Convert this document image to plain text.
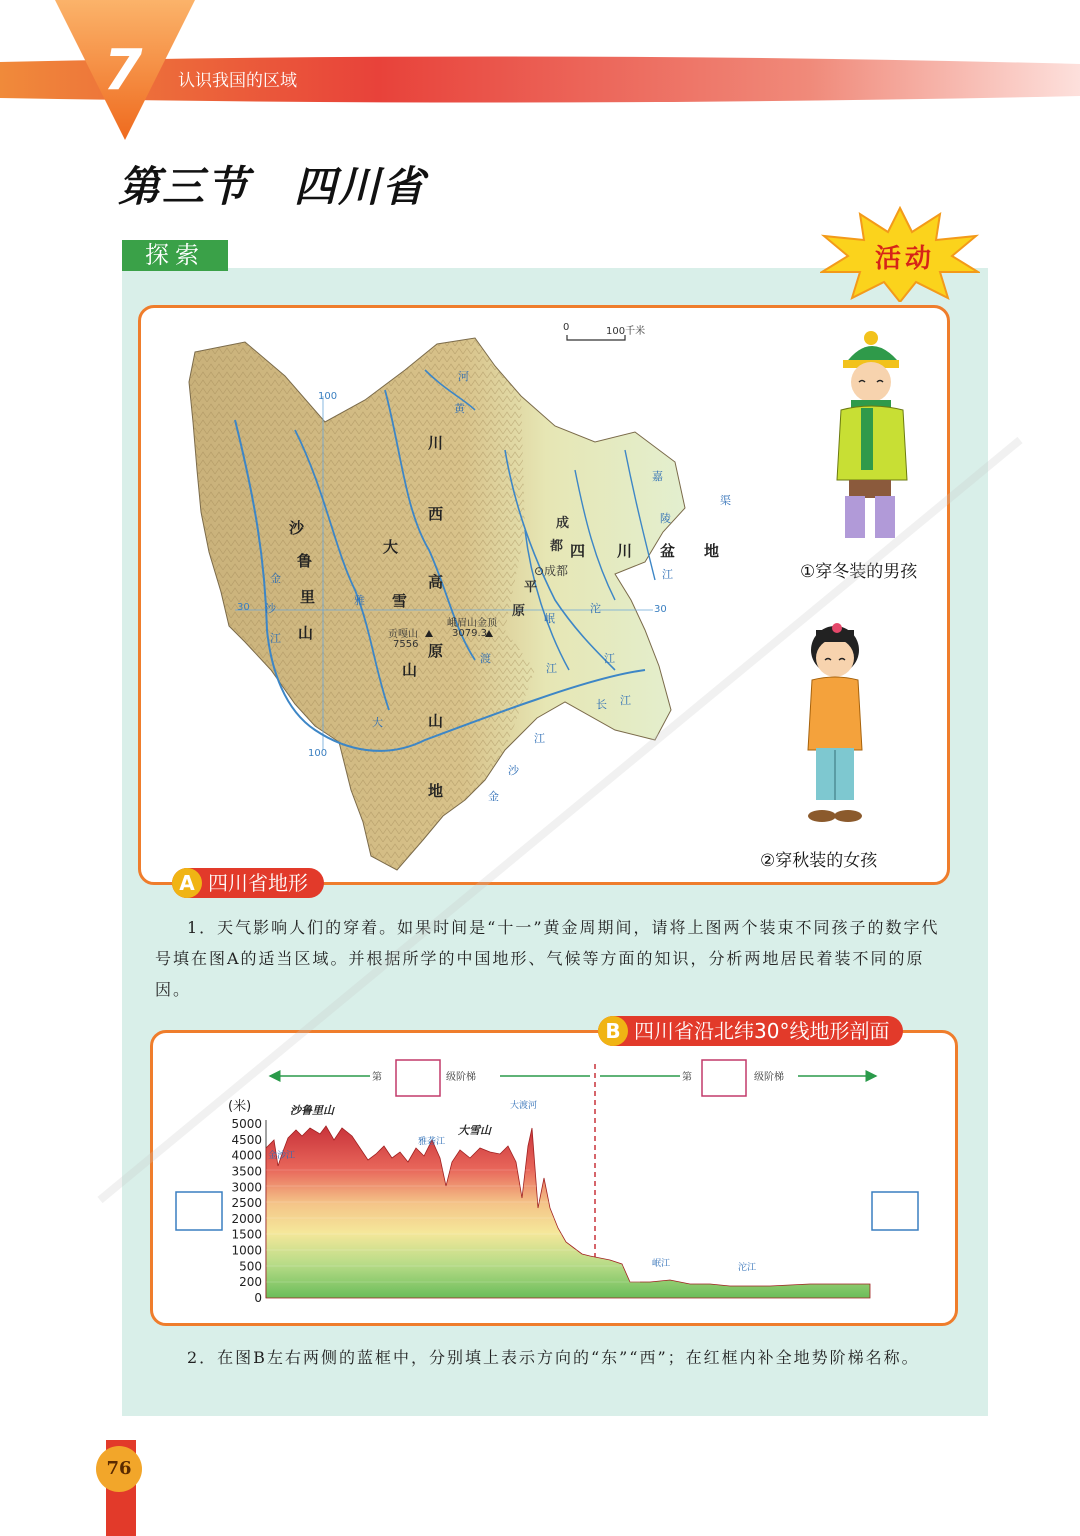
7	认识我国的区域
第三节　四川省
探索	活动
0	100千米
100
100
30	30
川
西
高
原
山
地
沙
鲁
里
山
大
雪
山
四 川 盆 地
成
都
平
原
⊙成都
贡嘎山
7556
峨眉山金顶
3079.3
河
黄
金
沙
江
雅
岷
江
沱
江
长 江
嘉
陵
江
渠
大
渡
金
沙
江
①穿冬装的男孩
②穿秋装的女孩
A 四川省地形
1．天气影响人们的穿着。如果时间是“十一”黄金周期间，请将上图两个装束不同孩子的数字代号填在图A的适当区域。并根据所学的中国地形、气候等方面的知识，分析两地居民着装不同的原因。
B 四川省沿北纬30°线地形剖面
第	级阶梯	第	级阶梯
(米)
5000
4500
4000
3500
3000
2500
2000
1500
1000
500
200
0
沙鲁里山
大雪山
金沙江
雅砻江
大渡河
岷江	沱江
2．在图B左右两侧的蓝框中，分别填上表示方向的“东”“西”；在红框内补全地势阶梯名称。
76
